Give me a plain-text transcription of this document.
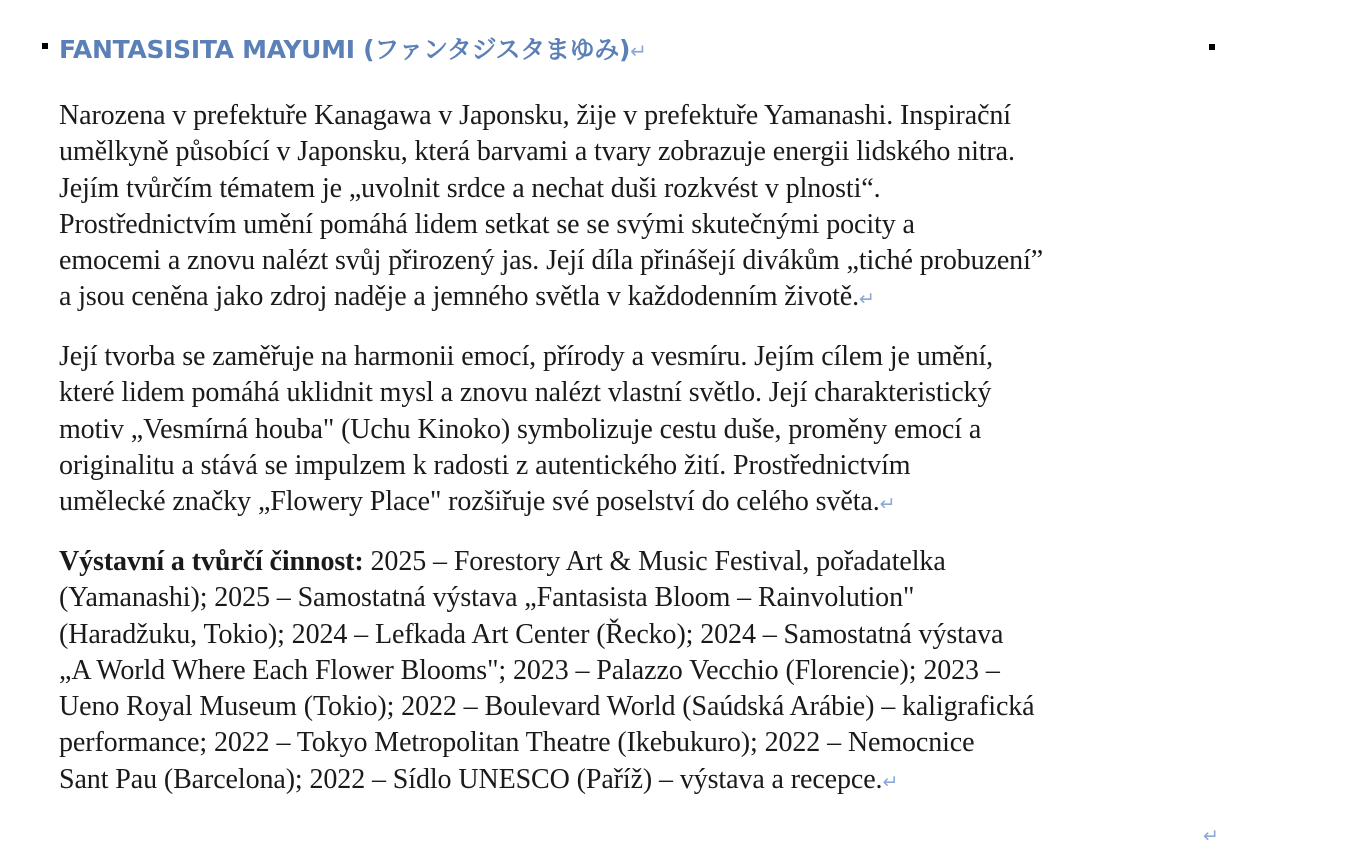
FANTASISITA MAYUMI (ファンタジスタまゆみ)↵

Narozena v prefektuře Kanagawa v Japonsku, žije v prefektuře Yamanashi. Inspirační
umělkyně působící v Japonsku, která barvami a tvary zobrazuje energii lidského nitra.
Jejím tvůrčím tématem je „uvolnit srdce a nechat duši rozkvést v plnosti“.
Prostřednictvím umění pomáhá lidem setkat se se svými skutečnými pocity a
emocemi a znovu nalézt svůj přirozený jas. Její díla přinášejí divákům „tiché probuzení”
a jsou ceněna jako zdroj naděje a jemného světla v každodenním životě.↵

Její tvorba se zaměřuje na harmonii emocí, přírody a vesmíru. Jejím cílem je umění,
které lidem pomáhá uklidnit mysl a znovu nalézt vlastní světlo. Její charakteristický
motiv „Vesmírná houba" (Uchu Kinoko) symbolizuje cestu duše, proměny emocí a
originalitu a stává se impulzem k radosti z autentického žití. Prostřednictvím
umělecké značky „Flowery Place" rozšiřuje své poselství do celého světa.↵

Výstavní a tvůrčí činnost: 2025 – Forestory Art & Music Festival, pořadatelka
(Yamanashi); 2025 – Samostatná výstava „Fantasista Bloom – Rainvolution"
(Haradžuku, Tokio); 2024 – Lefkada Art Center (Řecko); 2024 – Samostatná výstava
„A World Where Each Flower Blooms"; 2023 – Palazzo Vecchio (Florencie); 2023 –
Ueno Royal Museum (Tokio); 2022 – Boulevard World (Saúdská Arábie) – kaligrafická
performance; 2022 – Tokyo Metropolitan Theatre (Ikebukuro); 2022 – Nemocnice
Sant Pau (Barcelona); 2022 – Sídlo UNESCO (Paříž) – výstava a recepce.↵

↵
